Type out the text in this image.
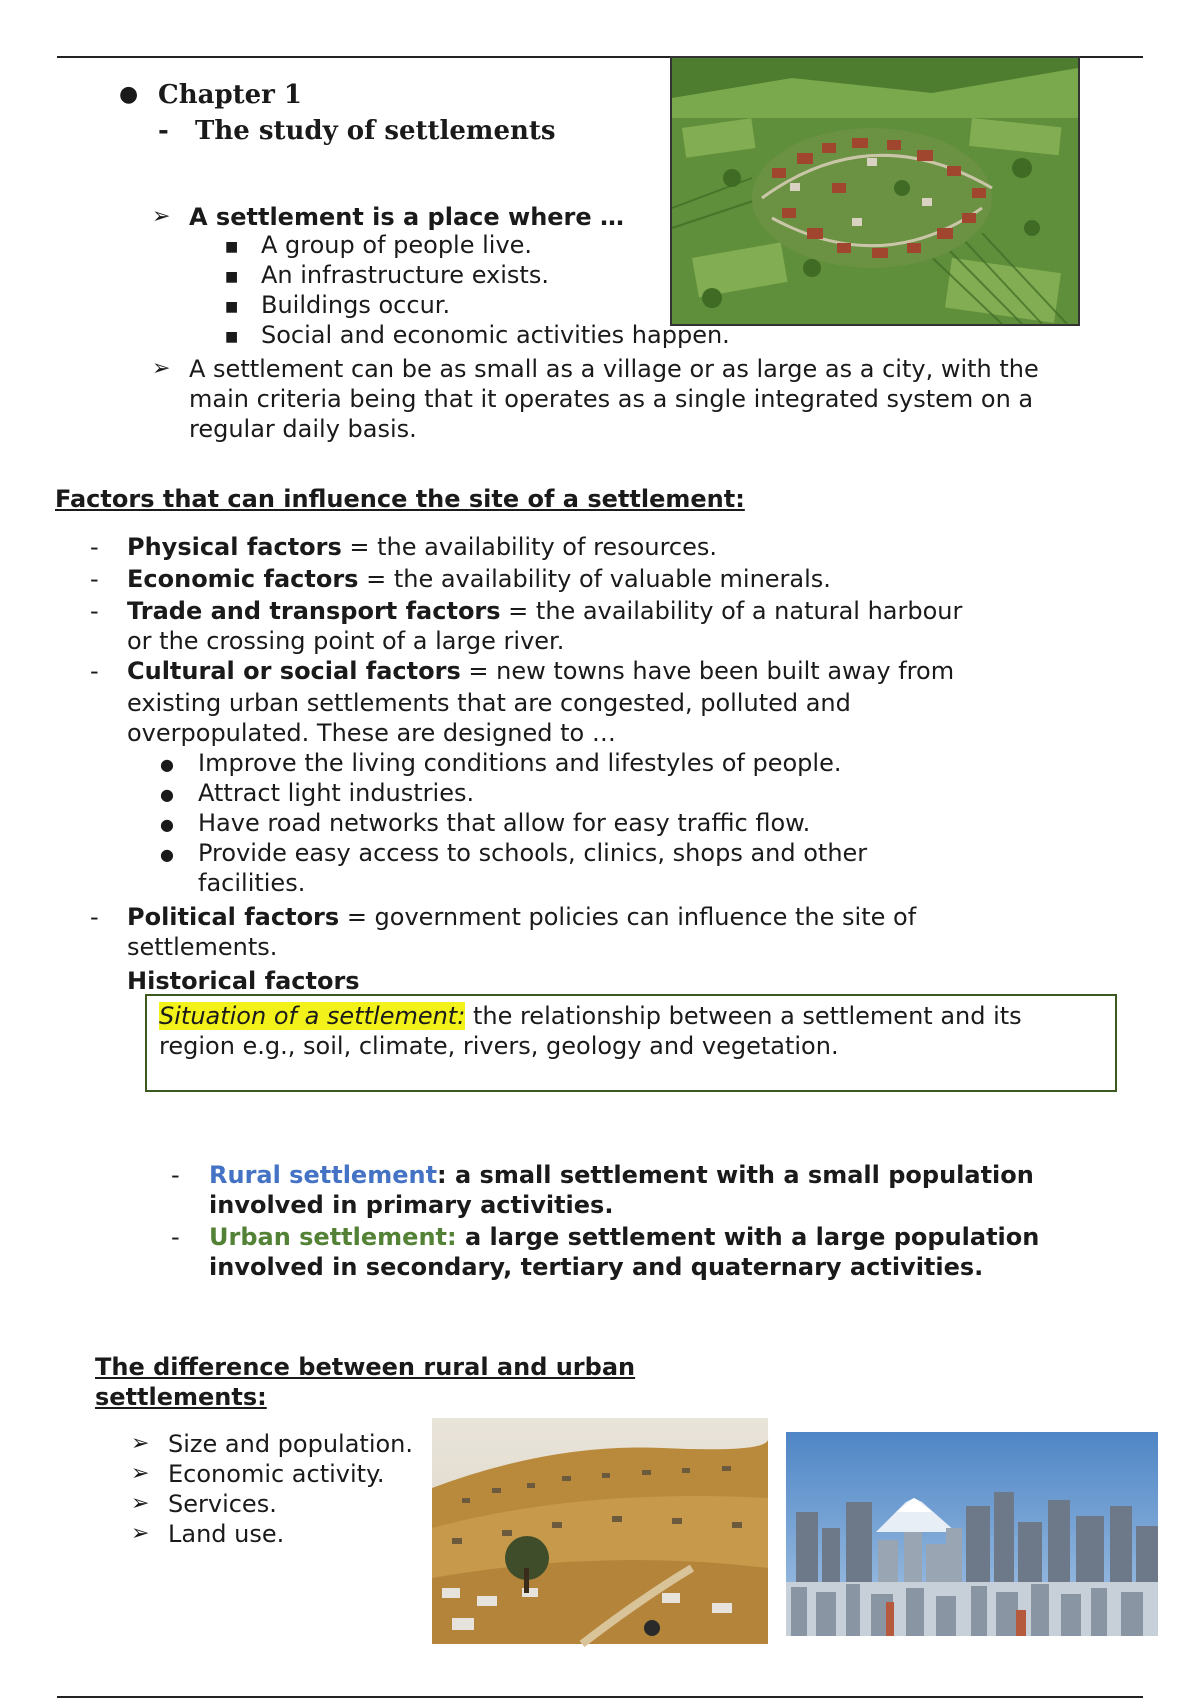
● Chapter 1
- The study of settlements
➢ A settlement is a place where …
■ A group of people live.
■ An infrastructure exists.
■ Buildings occur.
■ Social and economic activities happen.
➢ A settlement can be as small as a village or as large as a city, with the
main criteria being that it operates as a single integrated system on a
regular daily basis.
Factors that can influence the site of a settlement:
- Physical factors = the availability of resources.
- Economic factors = the availability of valuable minerals.
- Trade and transport factors = the availability of a natural harbour
or the crossing point of a large river.
- Cultural or social factors = new towns have been built away from
existing urban settlements that are congested, polluted and
overpopulated. These are designed to …
● Improve the living conditions and lifestyles of people.
● Attract light industries.
● Have road networks that allow for easy traffic flow.
● Provide easy access to schools, clinics, shops and other
facilities.
- Political factors = government policies can influence the site of
settlements.
Historical factors
Situation of a settlement: the relationship between a settlement and its
region e.g., soil, climate, rivers, geology and vegetation.
- Rural settlement: a small settlement with a small population
involved in primary activities.
- Urban settlement: a large settlement with a large population
involved in secondary, tertiary and quaternary activities.
The difference between rural and urban
settlements:
➢ Size and population.
➢ Economic activity.
➢ Services.
➢ Land use.
